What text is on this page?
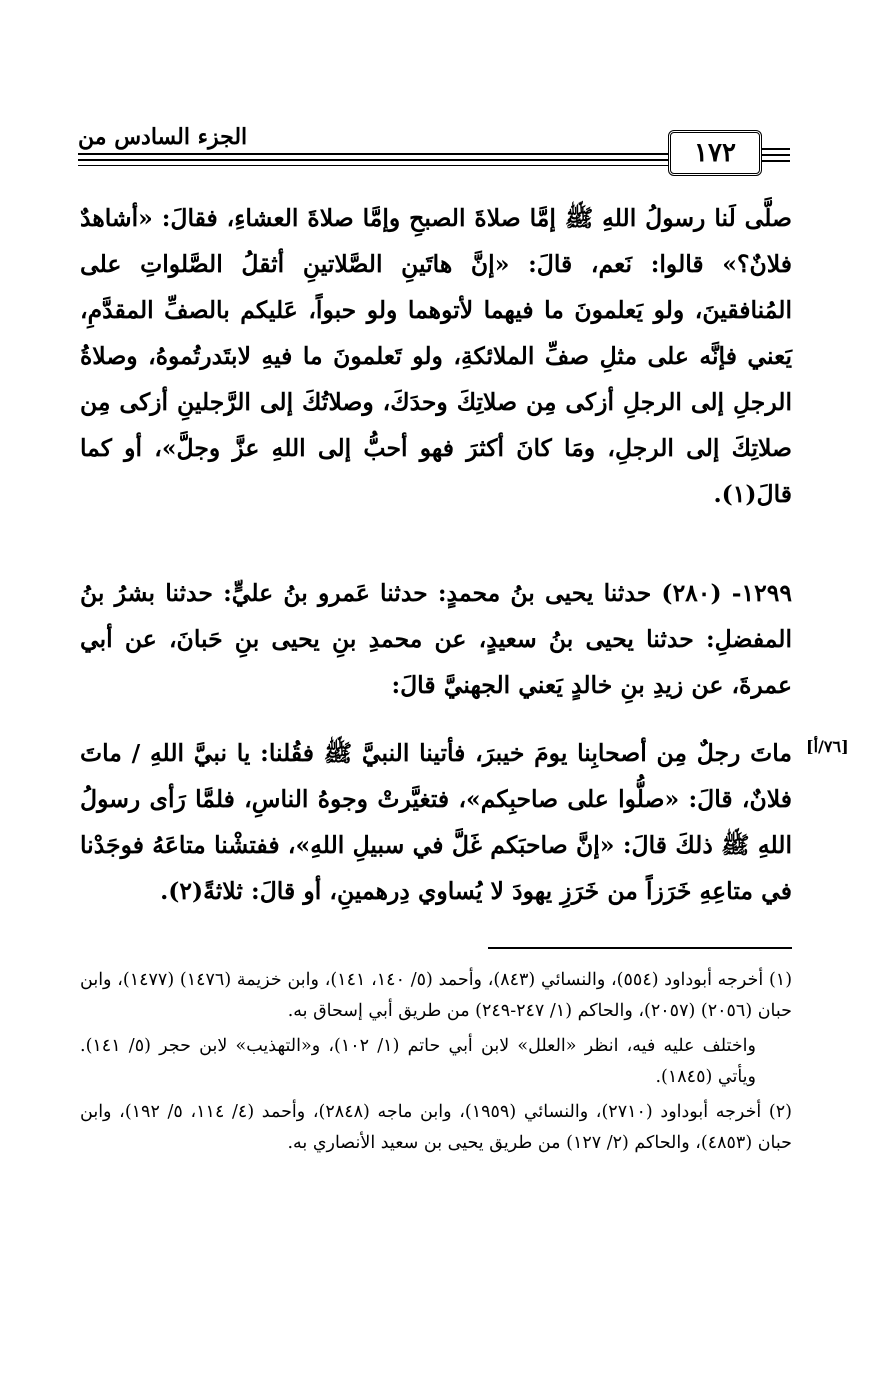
الجزء السادس من
١٧٢
صلَّى لَنا رسولُ اللهِ ﷺ إمَّا صلاةَ الصبحِ وإمَّا صلاةَ العشاءِ، فقالَ: «أشاهدٌ فلانٌ؟» قالوا: نَعم، قالَ: «إنَّ هاتَينِ الصَّلاتينِ أثقلُ الصَّلواتِ على المُنافقينَ، ولو يَعلمونَ ما فيهما لأتوهما ولو حبواً، عَليكم بالصفِّ المقدَّمِ، يَعني فإنَّه على مثلِ صفِّ الملائكةِ، ولو تَعلمونَ ما فيهِ لابتَدرتُموهُ، وصلاةُ الرجلِ إلى الرجلِ أزكى مِن صلاتِكَ وحدَكَ، وصلاتُكَ إلى الرَّجلينِ أزكى مِن صلاتِكَ إلى الرجلِ، ومَا كانَ أكثرَ فهو أحبُّ إلى اللهِ عزَّ وجلَّ»، أو كما قالَ(١).
١٢٩٩- (٢٨٠) حدثنا يحيى بنُ محمدٍ: حدثنا عَمرو بنُ عليٍّ: حدثنا بشرُ بنُ المفضلِ: حدثنا يحيى بنُ سعيدٍ، عن محمدِ بنِ يحيى بنِ حَبانَ، عن أبي عمرةَ، عن زيدِ بنِ خالدٍ يَعني الجهنيَّ قالَ:
[٧٦/أ]
ماتَ رجلٌ مِن أصحابِنا يومَ خيبرَ، فأتينا النبيَّ ﷺ فقُلنا: يا نبيَّ اللهِ / ماتَ فلانٌ، قالَ: «صلُّوا على صاحبِكم»، فتغيَّرتْ وجوهُ الناسِ، فلمَّا رَأى رسولُ اللهِ ﷺ ذلكَ قالَ: «إنَّ صاحبَكم غَلَّ في سبيلِ اللهِ»، ففتشْنا متاعَهُ فوجَدْنا في متاعِهِ خَرَزاً من خَرَزِ يهودَ لا يُساوي دِرهمينِ، أو قالَ: ثلاثةً(٢).
(١) أخرجه أبوداود (٥٥٤)، والنسائي (٨٤٣)، وأحمد (٥/ ١٤٠، ١٤١)، وابن خزيمة (١٤٧٦) (١٤٧٧)، وابن حبان (٢٠٥٦) (٢٠٥٧)، والحاكم (١/ ٢٤٧-٢٤٩) من طريق أبي إسحاق به.
واختلف عليه فيه، انظر «العلل» لابن أبي حاتم (١/ ١٠٢)، و«التهذيب» لابن حجر (٥/ ١٤١). ويأتي (١٨٤٥).
(٢) أخرجه أبوداود (٢٧١٠)، والنسائي (١٩٥٩)، وابن ماجه (٢٨٤٨)، وأحمد (٤/ ١١٤، ٥/ ١٩٢)، وابن حبان (٤٨٥٣)، والحاكم (٢/ ١٢٧) من طريق يحيى بن سعيد الأنصاري به.
